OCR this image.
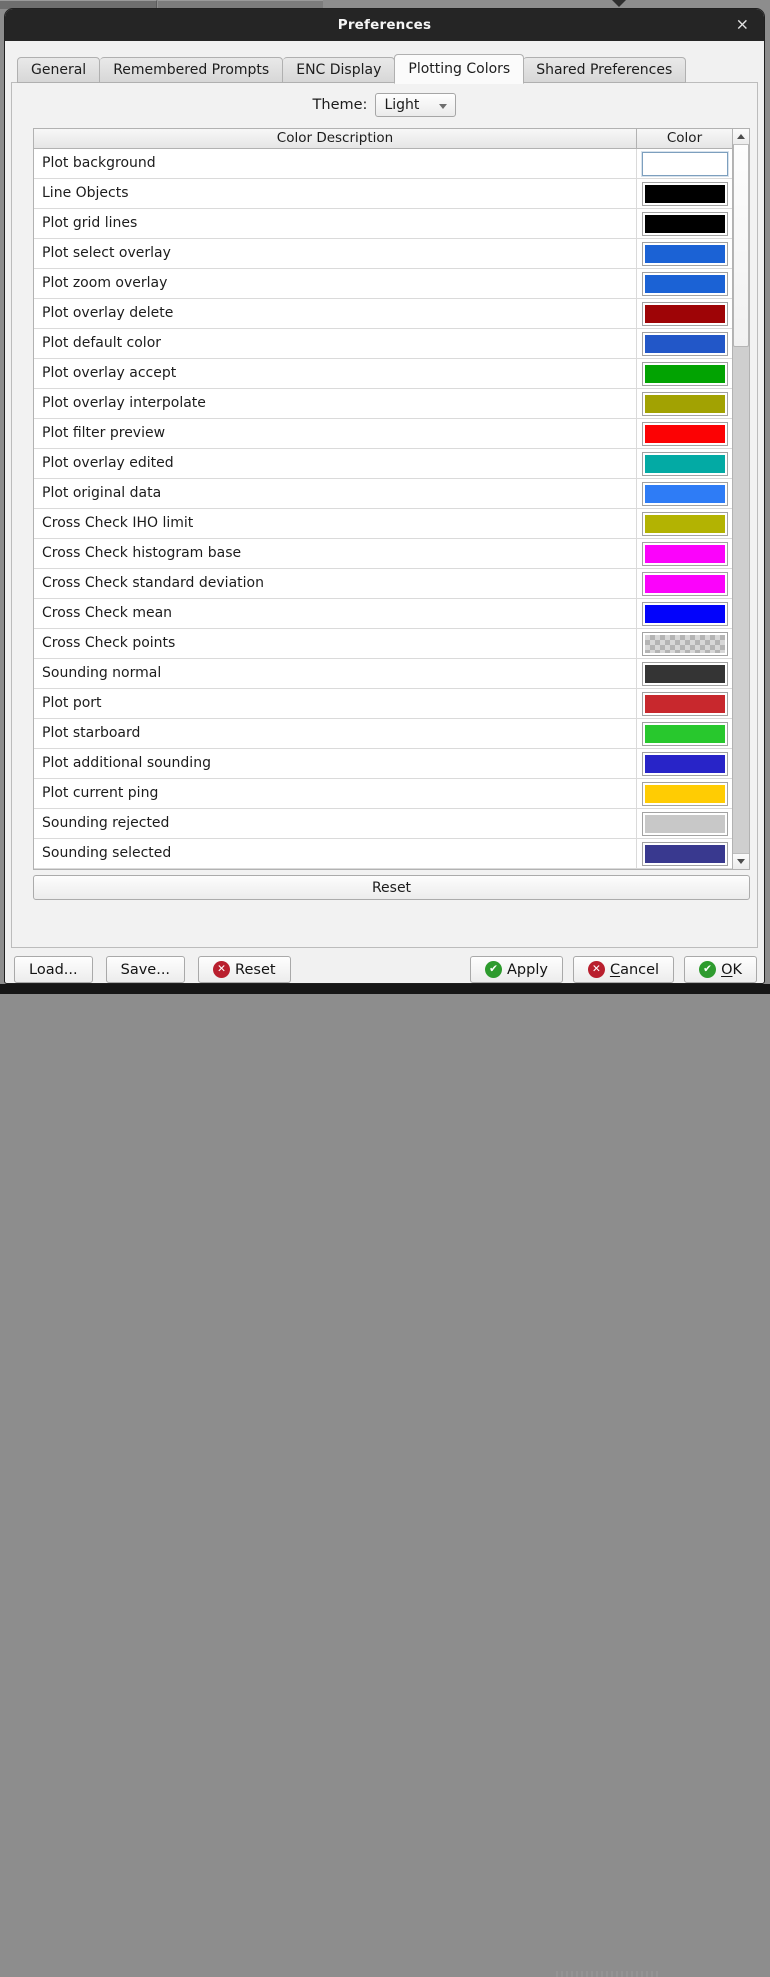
Preferences	×
General	Remembered Prompts	ENC Display	Plotting Colors	Shared Preferences
Theme:	Light
Color Description	Color
Plot background
Line Objects
Plot grid lines
Plot select overlay
Plot zoom overlay
Plot overlay delete
Plot default color
Plot overlay accept
Plot overlay interpolate
Plot filter preview
Plot overlay edited
Plot original data
Cross Check IHO limit
Cross Check histogram base
Cross Check standard deviation
Cross Check mean
Cross Check points
Sounding normal
Plot port
Plot starboard
Plot additional sounding
Plot current ping
Sounding rejected
Sounding selected
Reset
Load...	Save...	✕ Reset	✔ Apply	✕ Cancel	✔ OK
